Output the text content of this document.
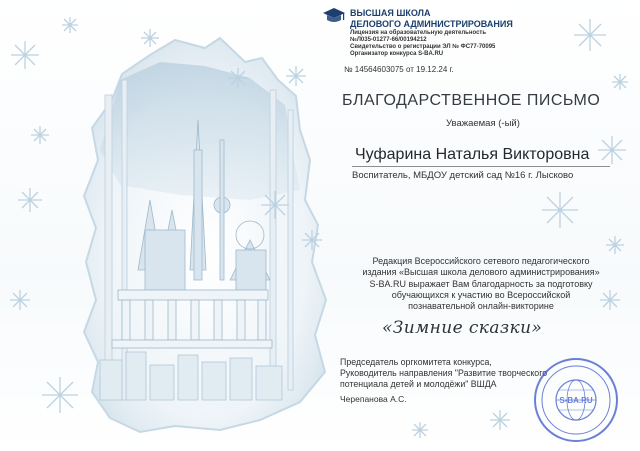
ВЫСШАЯ ШКОЛА
ДЕЛОВОГО АДМИНИСТРИРОВАНИЯ
Лицензия на образовательную деятельность
№Л035-01277-66/00194212
Свидетельство о регистрации ЭЛ № ФС77-70095
Организатор конкурса S-BA.RU
№ 14564603075 от 19.12.24 г.
БЛАГОДАРСТВЕННОЕ ПИСЬМО
Уважаемая (-ый)
Чуфарина Наталья Викторовна
Воспитатель, МБДОУ детский сад №16 г. Лысково
Редакция Всероссийского сетевого педагогического
издания «Высшая школа делового администрирования»
S-BA.RU выражает Вам благодарность за подготовку
обучающихся к участию во Всероссийской
познавательной онлайн-викторине
«Зимние сказки»
Председатель оргкомитета конкурса,
Руководитель направления "Развитие творческого
потенциала детей и молодёжи" ВШДА
Черепанова А.С.	S-BA.RU
